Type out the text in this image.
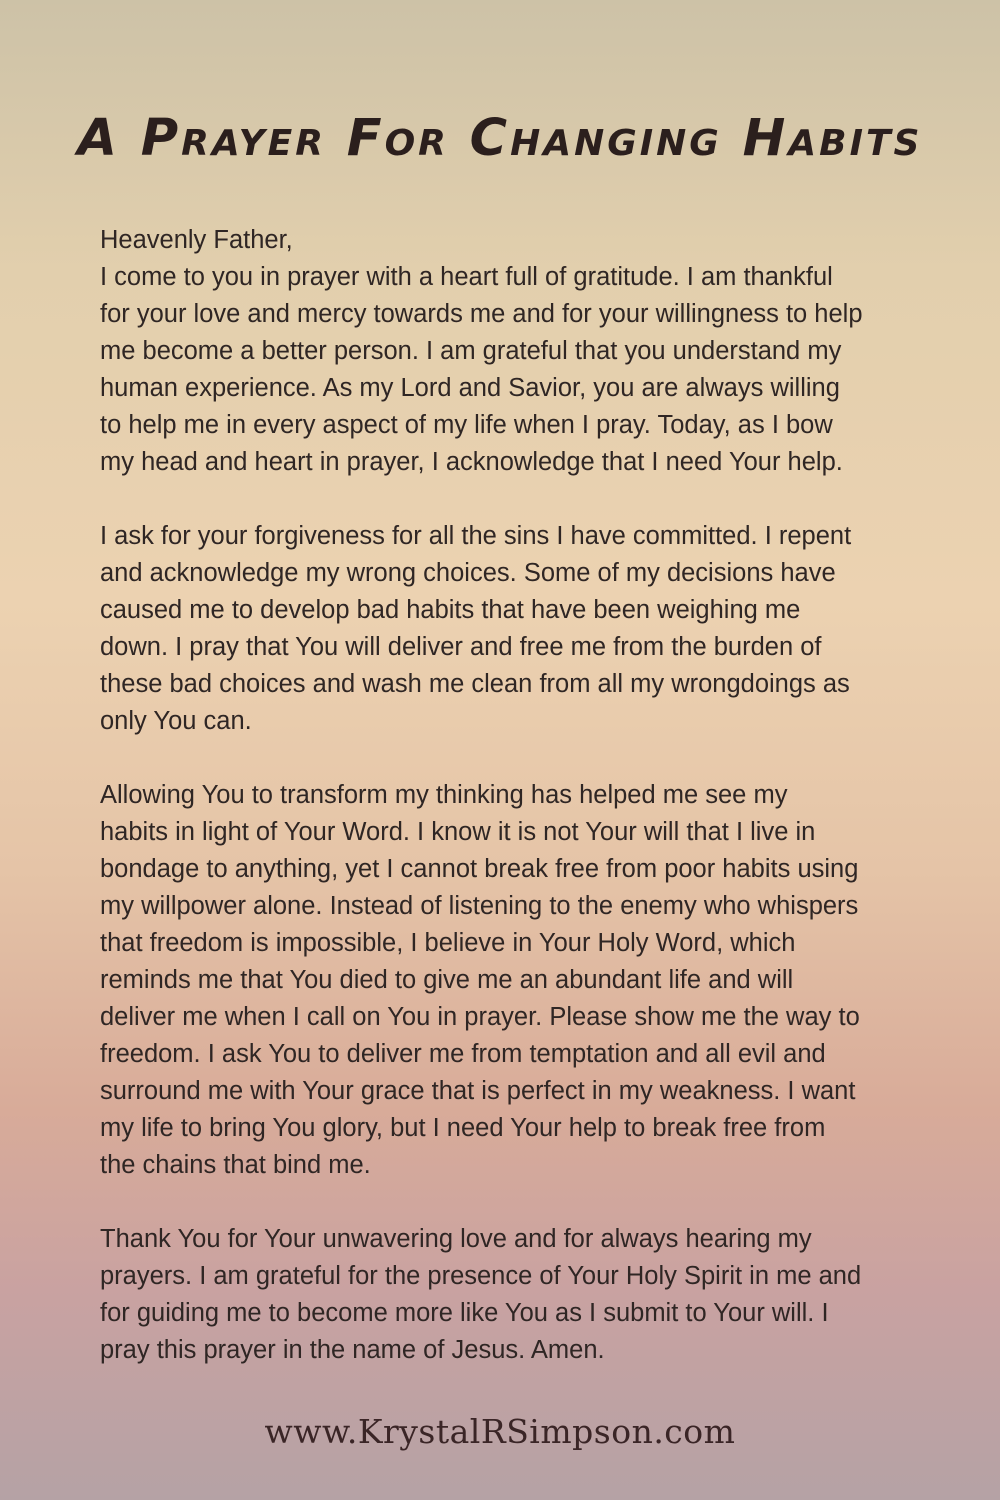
A Prayer For Changing Habits

Heavenly Father,

I come to you in prayer with a heart full of gratitude. I am thankful
for your love and mercy towards me and for your willingness to help
me become a better person. I am grateful that you understand my
human experience. As my Lord and Savior, you are always willing
to help me in every aspect of my life when I pray. Today, as I bow
my head and heart in prayer, I acknowledge that I need Your help.

I ask for your forgiveness for all the sins I have committed. I repent
and acknowledge my wrong choices. Some of my decisions have
caused me to develop bad habits that have been weighing me
down. I pray that You will deliver and free me from the burden of
these bad choices and wash me clean from all my wrongdoings as
only You can.

Allowing You to transform my thinking has helped me see my
habits in light of Your Word. I know it is not Your will that I live in
bondage to anything, yet I cannot break free from poor habits using
my willpower alone. Instead of listening to the enemy who whispers
that freedom is impossible, I believe in Your Holy Word, which
reminds me that You died to give me an abundant life and will
deliver me when I call on You in prayer. Please show me the way to
freedom. I ask You to deliver me from temptation and all evil and
surround me with Your grace that is perfect in my weakness. I want
my life to bring You glory, but I need Your help to break free from
the chains that bind me.

Thank You for Your unwavering love and for always hearing my
prayers. I am grateful for the presence of Your Holy Spirit in me and
for guiding me to become more like You as I submit to Your will. I
pray this prayer in the name of Jesus. Amen.

www.KrystalRSimpson.com
